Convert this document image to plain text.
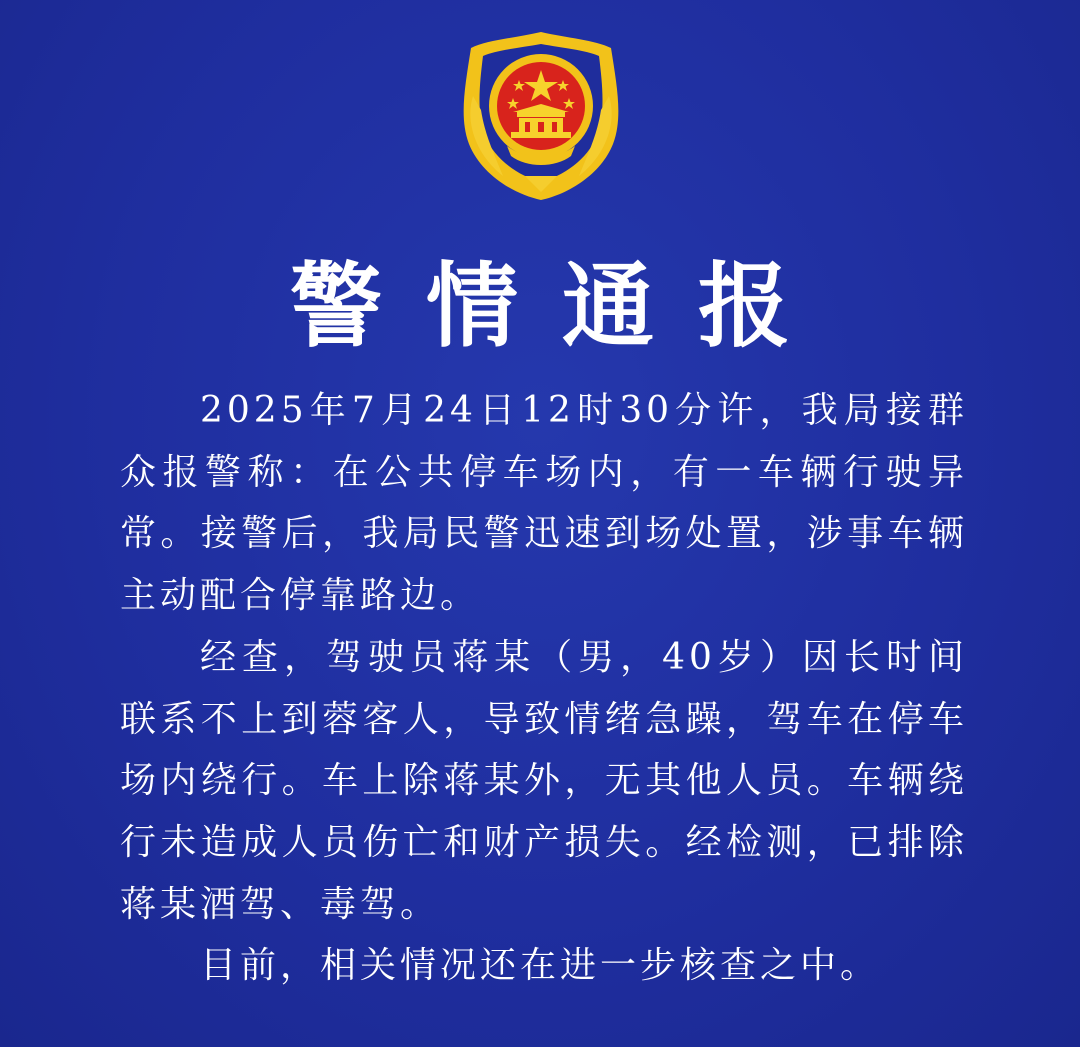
警情通报

2025年7月24日12时30分许，我局接群众报警称：在公共停车场内，有一车辆行驶异常。接警后，我局民警迅速到场处置，涉事车辆主动配合停靠路边。

经查，驾驶员蒋某（男，40岁）因长时间联系不上到蓉客人，导致情绪急躁，驾车在停车场内绕行。车上除蒋某外，无其他人员。车辆绕行未造成人员伤亡和财产损失。经检测，已排除蒋某酒驾、毒驾。

目前，相关情况还在进一步核查之中。
